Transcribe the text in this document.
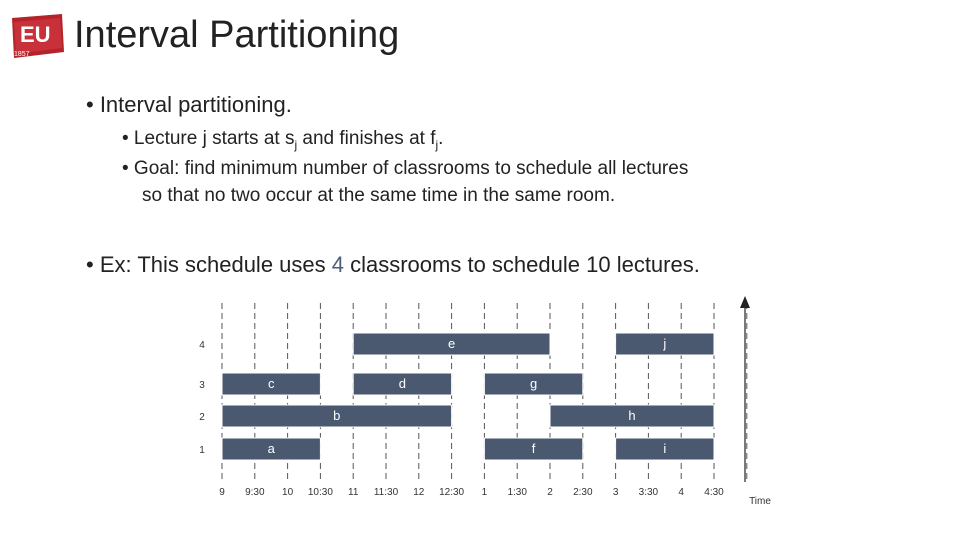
EU
1857 Interval Partitioning
• Interval partitioning.
• Lecture j starts at $s_j$ and finishes at $f_j$.
• Goal: find minimum number of classrooms to schedule all lectures
so that no two occur at the same time in the same room.
• Ex: This schedule uses 4 classrooms to schedule 10 lectures.
a
b
c	d
e
f
g
h
i
j
1
2
3
4
9 9:30 10 10:30 11 11:30 12 12:30 1 1:30 2 2:30 3 3:30 4 4:30
Time
